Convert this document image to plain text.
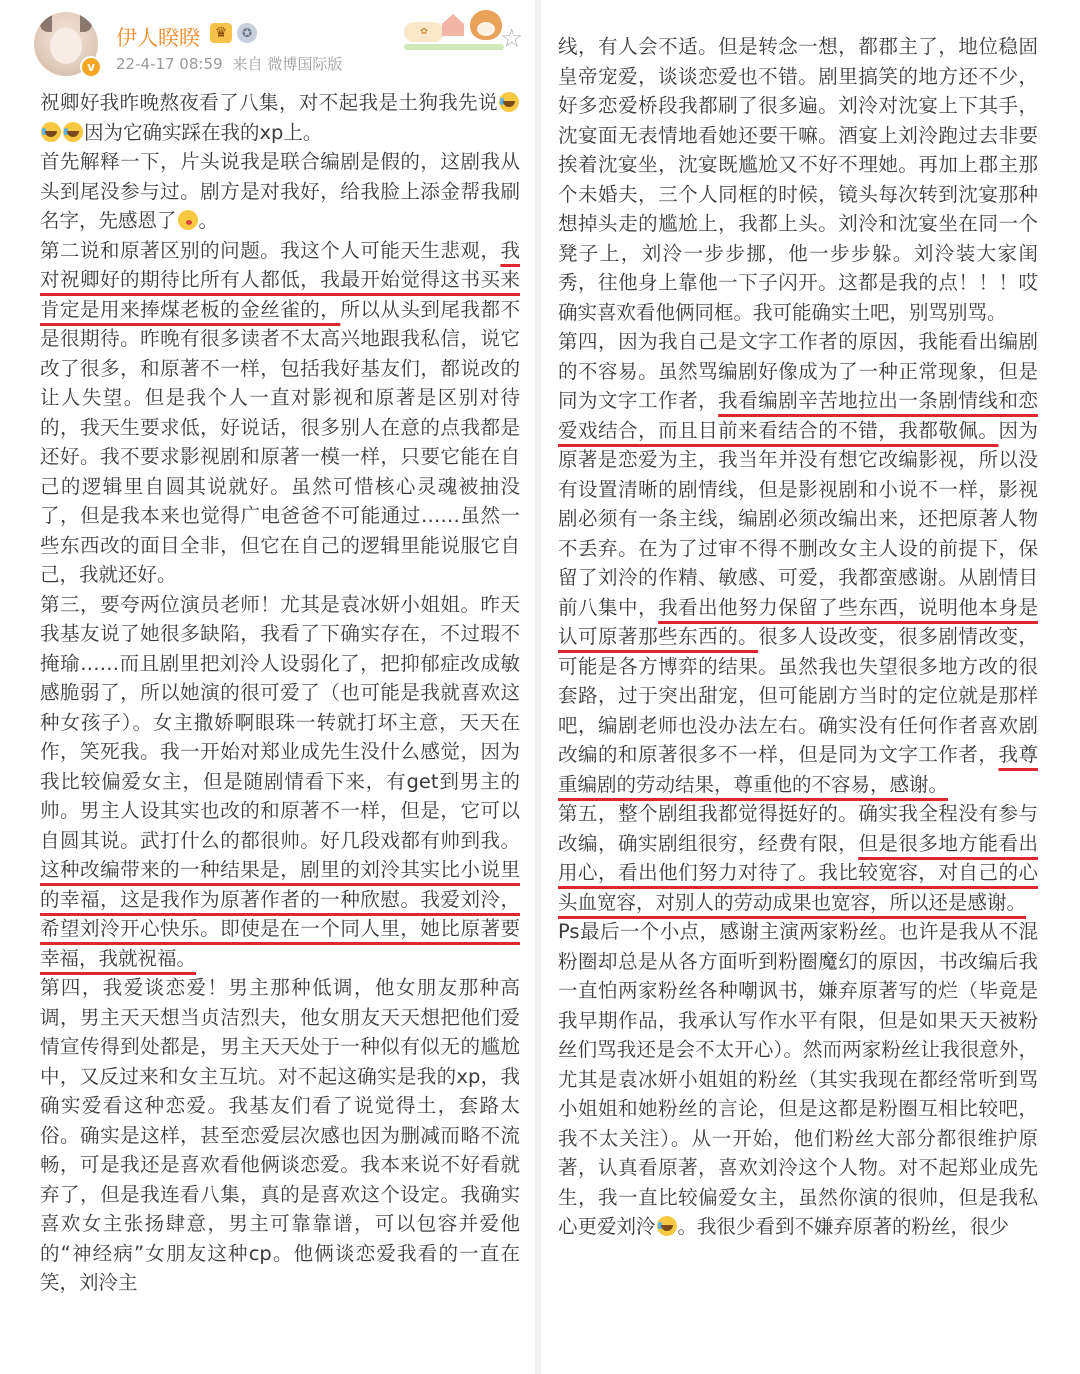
v
伊人睽睽	♛	✪
22-4-17 08:59 来自 微博国际版
✿	☆

祝卿好我昨晚熬夜看了八集，对不起我是土狗我先说因为它确实踩在我的xp上。

首先解释一下，片头说我是联合编剧是假的，这剧我从头到尾没参与过。剧方是对我好，给我脸上添金帮我刷名字，先感恩了 。

第二说和原著区别的问题。我这个人可能天生悲观，我对祝卿好的期待比所有人都低，我最开始觉得这书买来肯定是用来捧煤老板的金丝雀的，所以从头到尾我都不是很期待。昨晚有很多读者不太高兴地跟我私信，说它改了很多，和原著不一样，包括我好基友们，都说改的让人失望。但是我个人一直对影视和原著是区别对待的，我天生要求低，好说话，很多别人在意的点我都是还好。我不要求影视剧和原著一模一样，只要它能在自己的逻辑里自圆其说就好。虽然可惜核心灵魂被抽没了，但是我本来也觉得广电爸爸不可能通过……虽然一些东西改的面目全非，但它在自己的逻辑里能说服它自己，我就还好。

第三，要夸两位演员老师！尤其是袁冰妍小姐姐。昨天我基友说了她很多缺陷，我看了下确实存在，不过瑕不掩瑜……而且剧里把刘泠人设弱化了，把抑郁症改成敏感脆弱了，所以她演的很可爱了（也可能是我就喜欢这种女孩子）。女主撒娇啊眼珠一转就打坏主意，天天在作，笑死我。我一开始对郑业成先生没什么感觉，因为我比较偏爱女主，但是随剧情看下来，有get到男主的帅。男主人设其实也改的和原著不一样，但是，它可以自圆其说。武打什么的都很帅。好几段戏都有帅到我。这种改编带来的一种结果是，剧里的刘泠其实比小说里的幸福，这是我作为原著作者的一种欣慰。我爱刘泠，希望刘泠开心快乐。即使是在一个同人里，她比原著要幸福，我就祝福。

第四，我爱谈恋爱！男主那种低调，他女朋友那种高调，男主天天想当贞洁烈夫，他女朋友天天想把他们爱情宣传得到处都是，男主天天处于一种似有似无的尴尬中，又反过来和女主互坑。对不起这确实是我的xp，我确实爱看这种恋爱。我基友们看了说觉得土，套路太俗。确实是这样，甚至恋爱层次感也因为删减而略不流畅，可是我还是喜欢看他俩谈恋爱。我本来说不好看就弃了，但是我连看八集，真的是喜欢这个设定。我确实喜欢女主张扬肆意，男主可靠靠谱，可以包容并爱他的“神经病”女朋友这种cp。他俩谈恋爱我看的一直在笑，刘泠主

线，有人会不适。但是转念一想，都郡主了，地位稳固皇帝宠爱，谈谈恋爱也不错。剧里搞笑的地方还不少，好多恋爱桥段我都刷了很多遍。刘泠对沈宴上下其手，沈宴面无表情地看她还要干嘛。酒宴上刘泠跑过去非要挨着沈宴坐，沈宴既尴尬又不好不理她。再加上郡主那个未婚夫，三个人同框的时候，镜头每次转到沈宴那种想掉头走的尴尬上，我都上头。刘泠和沈宴坐在同一个凳子上，刘泠一步步挪，他一步步躲。刘泠装大家闺秀，往他身上靠他一下子闪开。这都是我的点！！！哎确实喜欢看他俩同框。我可能确实土吧，别骂别骂。

第四，因为我自己是文字工作者的原因，我能看出编剧的不容易。虽然骂编剧好像成为了一种正常现象，但是同为文字工作者，我看编剧辛苦地拉出一条剧情线和恋爱戏结合，而且目前来看结合的不错，我都敬佩。因为原著是恋爱为主，我当年并没有想它改编影视，所以没有设置清晰的剧情线，但是影视剧和小说不一样，影视剧必须有一条主线，编剧必须改编出来，还把原著人物不丢弃。在为了过审不得不删改女主人设的前提下，保留了刘泠的作精、敏感、可爱，我都蛮感谢。从剧情目前八集中，我看出他努力保留了些东西，说明他本身是认可原著那些东西的。很多人设改变，很多剧情改变，可能是各方博弈的结果。虽然我也失望很多地方改的很套路，过于突出甜宠，但可能剧方当时的定位就是那样吧，编剧老师也没办法左右。确实没有任何作者喜欢剧改编的和原著很多不一样，但是同为文字工作者，我尊重编剧的劳动结果，尊重他的不容易，感谢。

第五，整个剧组我都觉得挺好的。确实我全程没有参与改编，确实剧组很穷，经费有限，但是很多地方能看出用心，看出他们努力对待了。我比较宽容，对自己的心头血宽容，对别人的劳动成果也宽容，所以还是感谢。

Ps最后一个小点，感谢主演两家粉丝。也许是我从不混粉圈却总是从各方面听到粉圈魔幻的原因，书改编后我一直怕两家粉丝各种嘲讽书，嫌弃原著写的烂（毕竟是我早期作品，我承认写作水平有限，但是如果天天被粉丝们骂我还是会不太开心）。然而两家粉丝让我很意外，尤其是袁冰妍小姐姐的粉丝（其实我现在都经常听到骂小姐姐和她粉丝的言论，但是这都是粉圈互相比较吧，我不太关注）。从一开始，他们粉丝大部分都很维护原著，认真看原著，喜欢刘泠这个人物。对不起郑业成先生，我一直比较偏爱女主，虽然你演的很帅，但是我私心更爱刘泠 。我很少看到不嫌弃原著的粉丝，很少
